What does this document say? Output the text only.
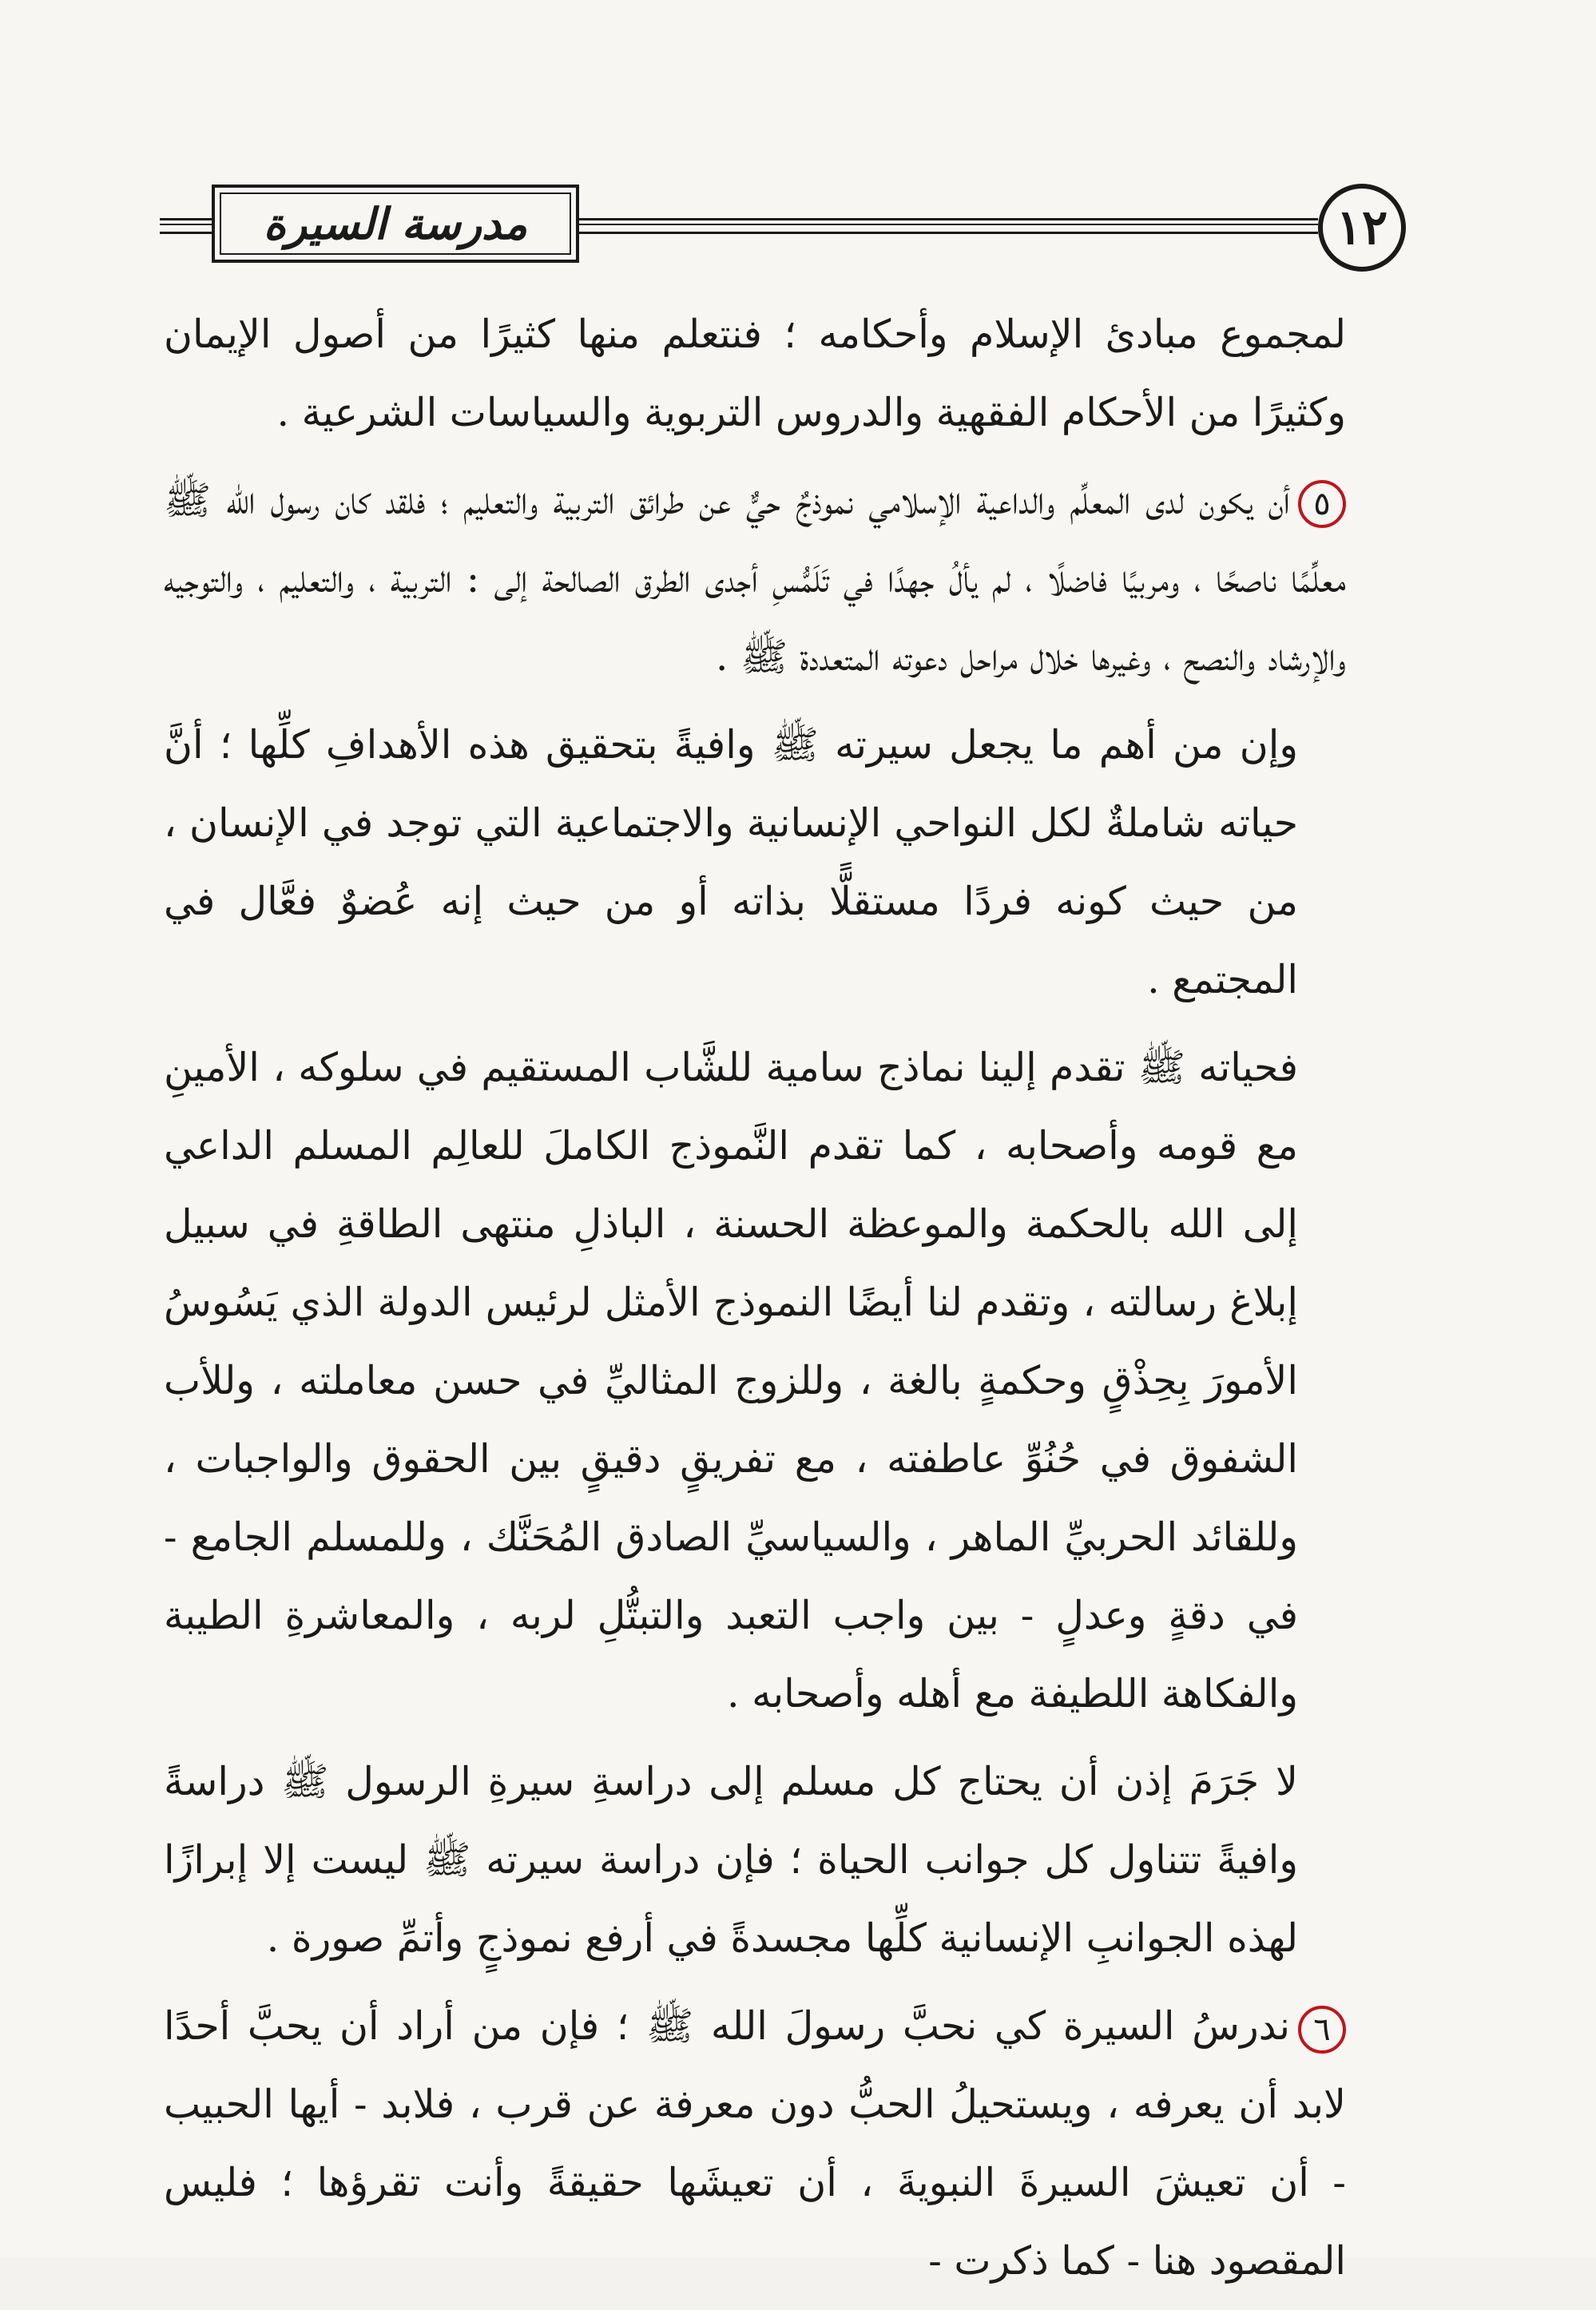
مدرسة السيرة	١٢

لمجموع مبادئ الإسلام وأحكامه ؛ فنتعلم منها كثيرًا من أصول الإيمان وكثيرًا من الأحكام الفقهية والدروس التربوية والسياسات الشرعية .

٥أن يكون لدى المعلِّم والداعية الإسلامي نموذجٌ حيٌّ عن طرائق التربية والتعليم ؛ فلقد كان رسول الله ﷺ معلِّمًا ناصحًا ، ومربيًا فاضلًا ، لم يألُ جهدًا في تَلَمُّسِ أجدى الطرق الصالحة إلى : التربية ، والتعليم ، والتوجيه والإرشاد والنصح ، وغيرها خلال مراحل دعوته المتعددة ﷺ .

وإن من أهم ما يجعل سيرته ﷺ وافيةً بتحقيق هذه الأهدافِ كلِّها ؛ أنَّ حياته شاملةٌ لكل النواحي الإنسانية والاجتماعية التي توجد في الإنسان ، من حيث كونه فردًا مستقلًّا بذاته أو من حيث إنه عُضوٌ فعَّال في المجتمع .

فحياته ﷺ تقدم إلينا نماذج سامية للشَّاب المستقيم في سلوكه ، الأمينِ مع قومه وأصحابه ، كما تقدم النَّموذج الكاملَ للعالِم المسلم الداعي إلى الله بالحكمة والموعظة الحسنة ، الباذلِ منتهى الطاقةِ في سبيل إبلاغ رسالته ، وتقدم لنا أيضًا النموذج الأمثل لرئيس الدولة الذي يَسُوسُ الأمورَ بِحِذْقٍ وحكمةٍ بالغة ، وللزوج المثاليِّ في حسن معاملته ، وللأب الشفوق في حُنُوِّ عاطفته ، مع تفريقٍ دقيقٍ بين الحقوق والواجبات ، وللقائد الحربيِّ الماهر ، والسياسيِّ الصادق المُحَنَّك ، وللمسلم الجامع - في دقةٍ وعدلٍ - بين واجب التعبد والتبتُّلِ لربه ، والمعاشرةِ الطيبة والفكاهة اللطيفة مع أهله وأصحابه .

لا جَرَمَ إذن أن يحتاج كل مسلم إلى دراسةِ سيرةِ الرسول ﷺ دراسةً وافيةً تتناول كل جوانب الحياة ؛ فإن دراسة سيرته ﷺ ليست إلا إبرازًا لهذه الجوانبِ الإنسانية كلِّها مجسدةً في أرفع نموذجٍ وأتمِّ صورة .

٦ندرسُ السيرة كي نحبَّ رسولَ الله ﷺ ؛ فإن من أراد أن يحبَّ أحدًا لابد أن يعرفه ، ويستحيلُ الحبُّ دون معرفة عن قرب ، فلابد - أيها الحبيب - أن تعيشَ السيرةَ النبويةَ ، أن تعيشَها حقيقةً وأنت تقرؤها ؛ فليس المقصود هنا - كما ذكرت -
